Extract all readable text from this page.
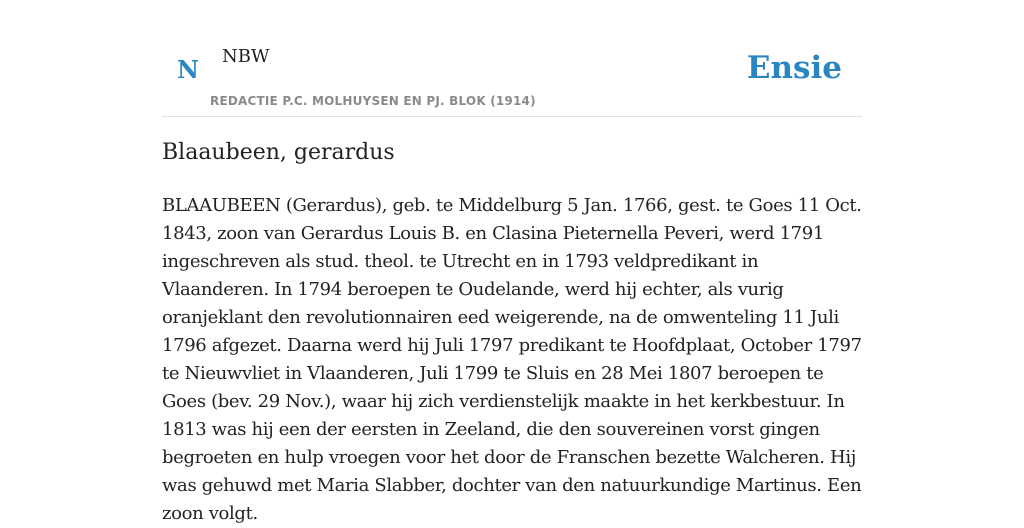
N NBW
REDACTIE P.C. MOLHUYSEN EN PJ. BLOK (1914)
Ensie
Blaaubeen, gerardus

BLAAUBEEN (Gerardus), geb. te Middelburg 5 Jan. 1766, gest. te Goes 11 Oct. 1843, zoon van Gerardus Louis B. en Clasina Pieternella Peveri, werd 1791 ingeschreven als stud. theol. te Utrecht en in 1793 veldpredikant in Vlaanderen. In 1794 beroepen te Oudelande, werd hij echter, als vurig oranjeklant den revolutionnairen eed weigerende, na de omwenteling 11 Juli 1796 afgezet. Daarna werd hij Juli 1797 predikant te Hoofdplaat, October 1797 te Nieuwvliet in Vlaanderen, Juli 1799 te Sluis en 28 Mei 1807 beroepen te Goes (bev. 29 Nov.), waar hij zich verdienstelijk maakte in het kerkbestuur. In 1813 was hij een der eersten in Zeeland, die den souvereinen vorst gingen begroeten en hulp vroegen voor het door de Franschen bezette Walcheren. Hij was gehuwd met Maria Slabber, dochter van den natuurkundige Martinus. Een zoon volgt.
